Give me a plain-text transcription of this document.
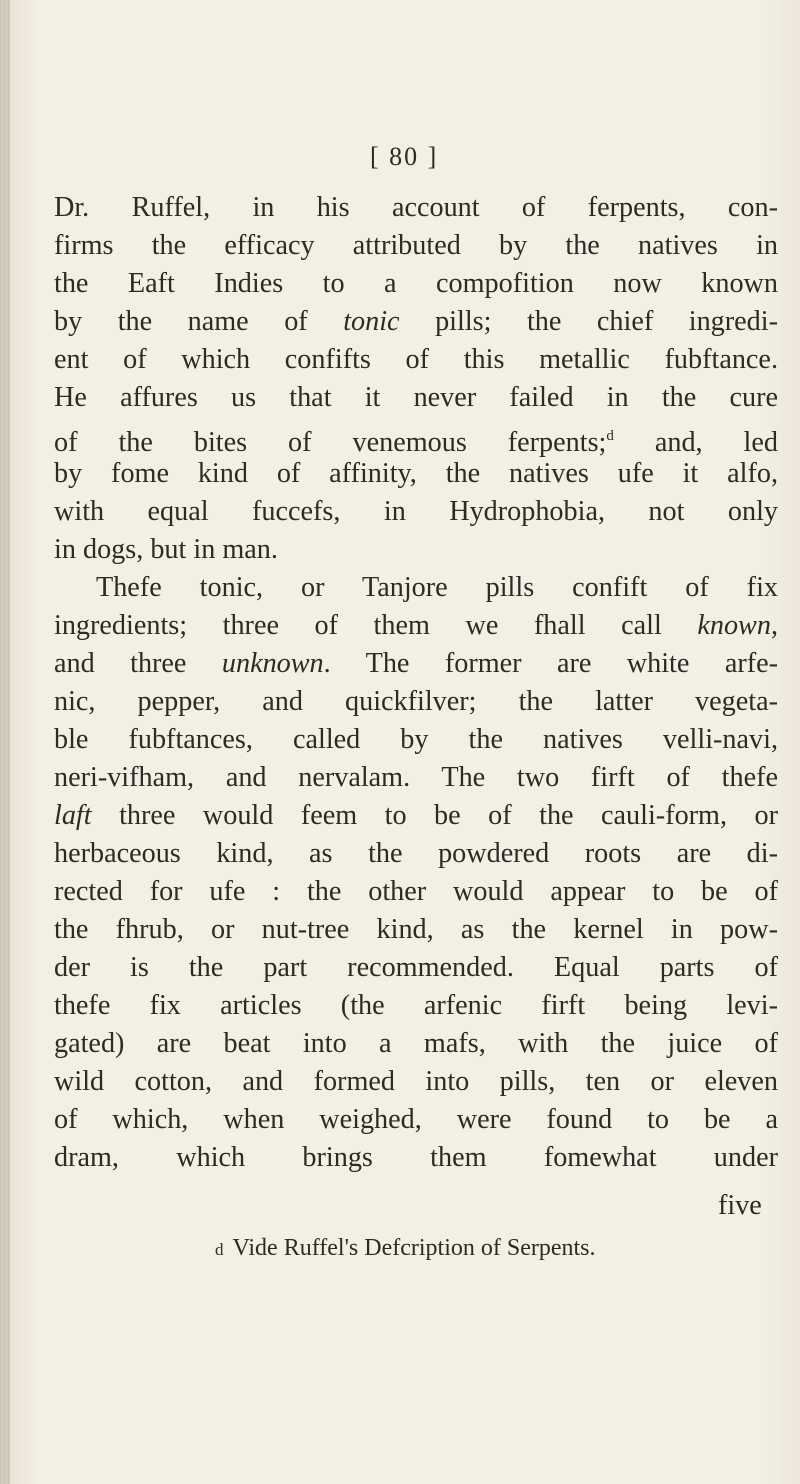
[ 80 ]
Dr. Ruffel, in his account of ferpents, con-
firms the efficacy attributed by the natives in
the Eaft Indies to a compofition now known
by the name of tonic pills; the chief ingredi-
ent of which confifts of this metallic fubftance.
He affures us that it never failed in the cure
of the bites of venemous ferpents;$^d$ and, led
by fome kind of affinity, the natives ufe it alfo,
with equal fuccefs, in Hydrophobia, not only
in dogs, but in man.
Thefe tonic, or Tanjore pills confift of fix
ingredients; three of them we fhall call known,
and three unknown. The former are white arfe-
nic, pepper, and quickfilver; the latter vegeta-
ble fubftances, called by the natives velli-navi,
neri-vifham, and nervalam. The two firft of thefe
laft three would feem to be of the cauli-form, or
herbaceous kind, as the powdered roots are di-
rected for ufe : the other would appear to be of
the fhrub, or nut-tree kind, as the kernel in pow-
der is the part recommended. Equal parts of
thefe fix articles (the arfenic firft being levi-
gated) are beat into a mafs, with the juice of
wild cotton, and formed into pills, ten or eleven
of which, when weighed, were found to be a
dram, which brings them fomewhat under
five
d Vide Ruffel's Defcription of Serpents.
